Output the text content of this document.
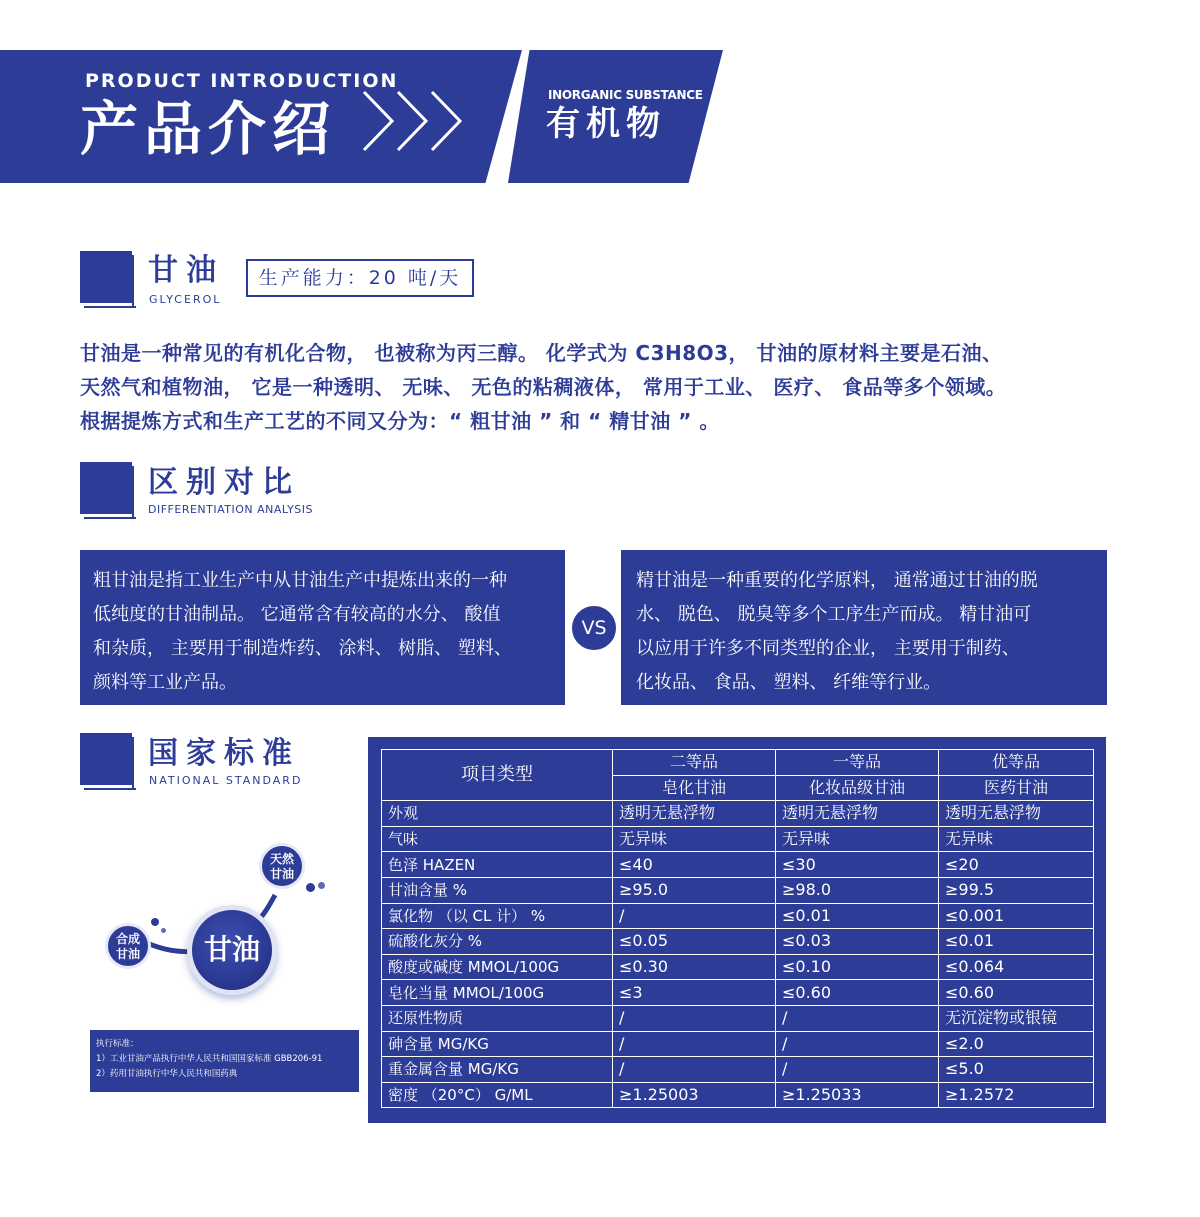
PRODUCT INTRODUCTION
产品介绍	INORGANIC SUBSTANCE
有机物
甘油
GLYCEROL
生产能力：20 吨/天

甘油是一种常见的有机化合物， 也被称为丙三醇。 化学式为 C3H8O3， 甘油的原材料主要是石油、

天然气和植物油， 它是一种透明、 无味、 无色的粘稠液体， 常用于工业、 医疗、 食品等多个领域。

根据提炼方式和生产工艺的不同又分为：“ 粗甘油 ” 和 “ 精甘油 ” 。

区别对比
DIFFERENTIATION ANALYSIS

粗甘油是指工业生产中从甘油生产中提炼出来的一种

低纯度的甘油制品。 它通常含有较高的水分、 酸值

和杂质， 主要用于制造炸药、 涂料、 树脂、 塑料、

颜料等工业产品。

精甘油是一种重要的化学原料， 通常通过甘油的脱

水、 脱色、 脱臭等多个工序生产而成。 精甘油可

以应用于许多不同类型的企业， 主要用于制药、

化妆品、 食品、 塑料、 纤维等行业。

VS
国家标准
NATIONAL STANDARD
甘油
天然
甘油
合成
甘油

执行标准：

1）工业甘油产品执行中华人民共和国国家标准 GBB206-91

2）药用甘油执行中华人民共和国药典

项目类型	二等品	一等品	优等品
	皂化甘油	化妆品级甘油	医药甘油
外观	透明无悬浮物	透明无悬浮物	透明无悬浮物
气味	无异味	无异味	无异味
色泽 HAZEN	≤40	≤30	≤20
甘油含量 %	≥95.0	≥98.0	≥99.5
氯化物 （以 CL 计） %	/	≤0.01	≤0.001
硫酸化灰分 %	≤0.05	≤0.03	≤0.01
酸度或碱度 MMOL/100G	≤0.30	≤0.10	≤0.064
皂化当量 MMOL/100G	≤3	≤0.60	≤0.60
还原性物质	/	/	无沉淀物或银镜
砷含量 MG/KG	/	/	≤2.0
重金属含量 MG/KG	/	/	≤5.0
密度 （20°C） G/ML	≥1.25003	≥1.25033	≥1.2572
